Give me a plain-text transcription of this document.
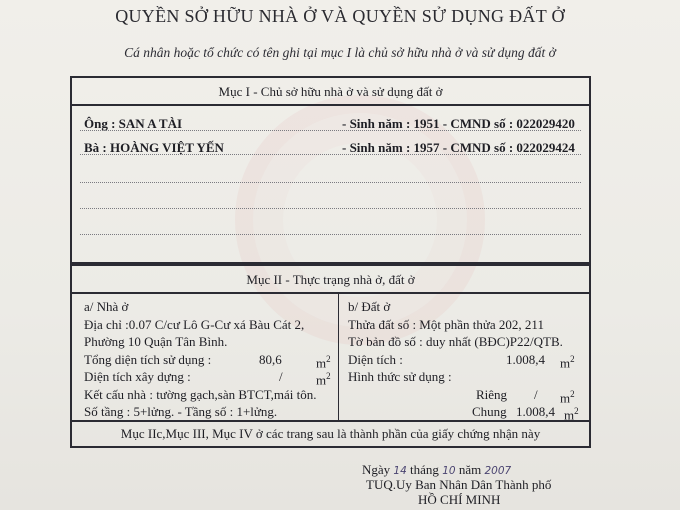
QUYỀN SỞ HỮU NHÀ Ở VÀ QUYỀN SỬ DỤNG ĐẤT Ở
Cá nhân hoặc tổ chức có tên ghi tại mục I là chủ sở hữu nhà ở và sử dụng đất ở
Mục I - Chủ sở hữu nhà ở và sử dụng đất ở
Ông : SAN A TÀI	- Sinh năm : 1951 - CMND số : 022029420
Bà : HOÀNG VIỆT YẾN	- Sinh năm : 1957 - CMND số : 022029424
Mục II - Thực trạng nhà ở, đất ở
a/ Nhà ở
Địa chỉ :0.07 C/cư Lô G-Cư xá Bàu Cát 2,
Phường 10 Quận Tân Bình.
Tổng diện tích sử dụng :	80,6	$m^2$
Diện tích xây dựng :	/	$m^2$
Kết cấu nhà : tường gạch,sàn BTCT,mái tôn.
Số tầng : 5+lửng. - Tầng số : 1+lửng.
b/ Đất ở
Thửa đất số : Một phần thửa 202, 211
Tờ bản đồ số : duy nhất (BĐC)P22/QTB.
Diện tích :	1.008,4 $m^2$
Hình thức sử dụng :
Riêng / $m^2$
Chung 1.008,4 $m^2$
Mục IIc,Mục III, Mục IV ở các trang sau là thành phần của giấy chứng nhận này
Ngày 14 tháng 10 năm 2007
TUQ.Uy Ban Nhân Dân Thành phố
HỒ CHÍ MINH
